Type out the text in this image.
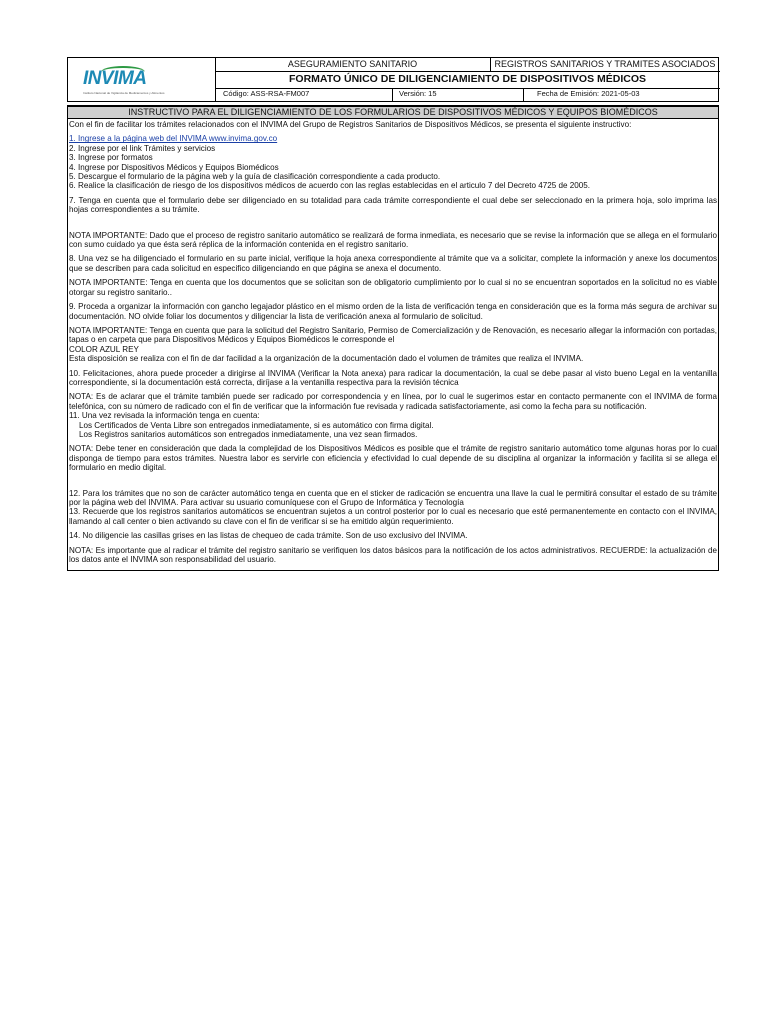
INVIMA
Instituto Nacional de Vigilancia de Medicamentos y Alimentos
ASEGURAMIENTO SANITARIO	REGISTROS SANITARIOS Y TRAMITES ASOCIADOS
FORMATO ÚNICO DE DILIGENCIAMIENTO DE DISPOSITIVOS MÉDICOS
Código: ASS-RSA-FM007	Versión: 15	Fecha de Emisión: 2021-05-03
INSTRUCTIVO PARA EL DILIGENCIAMIENTO DE LOS FORMULARIOS DE DISPOSITIVOS MÉDICOS Y EQUIPOS BIOMÉDICOS

Con el fin de facilitar los trámites relacionados con el INVIMA del Grupo de Registros Sanitarios de Dispositivos Médicos, se presenta el siguiente instructivo:

1. Ingrese a la página web del INVIMA www.invima.gov.co

2. Ingrese por el link Trámites y servicios

3. Ingrese por formatos

4. Ingrese por Dispositivos Médicos y Equipos Biomédicos

5. Descargue el formulario de la página web y la guía de clasificación correspondiente a cada producto.

6. Realice la clasificación de riesgo de los dispositivos médicos de acuerdo con las reglas establecidas en el articulo 7 del Decreto 4725 de 2005.

7. Tenga en cuenta que el formulario debe ser diligenciado en su totalidad para cada trámite correspondiente el cual debe ser seleccionado en la primera hoja, solo imprima las hojas correspondientes a su trámite.

NOTA IMPORTANTE: Dado que el proceso de registro sanitario automático se realizará de forma inmediata, es necesario que se revise la información que se allega en el formulario con sumo cuidado ya que ésta será réplica de la información contenida en el registro sanitario.

8. Una vez se ha diligenciado el formulario en su parte inicial, verifique la hoja anexa correspondiente al trámite que va a solicitar, complete la información y anexe los documentos que se describen para cada solicitud en especifico diligenciando en que página se anexa el documento.

NOTA IMPORTANTE: Tenga en cuenta que los documentos que se solicitan son de obligatorio cumplimiento por lo cual si no se encuentran soportados en la solicitud no es viable otorgar su registro sanitario..

9. Proceda a organizar la información con gancho legajador plástico en el mismo orden de la lista de verificación tenga en consideración que es la forma más segura de archivar su documentación. NO olvide foliar los documentos y diligenciar la lista de verificación anexa al formulario de solicitud.

NOTA IMPORTANTE: Tenga en cuenta que para la solicitud del Registro Sanitario, Permiso de Comercialización y de Renovación, es necesario allegar la información con portadas, tapas o en carpeta que para Dispositivos Médicos y Equipos Biomédicos le corresponde el

COLOR AZUL REY

Esta disposición se realiza con el fin de dar facilidad a la organización de la documentación dado el volumen de trámites que realiza el INVIMA.

10. Felicitaciones, ahora puede proceder a dirigirse al INVIMA (Verificar la Nota anexa) para radicar la documentación, la cual se debe pasar al visto bueno Legal en la ventanilla correspondiente, si la documentación está correcta, diríjase a la ventanilla respectiva para la revisión técnica

NOTA: Es de aclarar que el trámite también puede ser radicado por correspondencia y en línea, por lo cual le sugerimos estar en contacto permanente con el INVIMA de forma telefónica, con su número de radicado con el fin de verificar que la información fue revisada y radicada satisfactoriamente, asi como la fecha para su notificación.

11. Una vez revisada la información tenga en cuenta:

Los Certificados de Venta Libre son entregados inmediatamente, si es automático con firma digital.

Los Registros sanitarios automáticos son entregados inmediatamente, una vez sean firmados.

NOTA: Debe tener en consideración que dada la complejidad de los Dispositivos Médicos es posible que el trámite de registro sanitario automático tome algunas horas por lo cual disponga de tiempo para estos trámites. Nuestra labor es servirle con eficiencia y efectividad lo cual depende de su disciplina al organizar la información y facilita si se allega el formulario en medio digital.

12. Para los trámites que no son de carácter automático tenga en cuenta que en el sticker de radicación se encuentra una llave la cual le permitirá consultar el estado de su trámite por la página web del INVIMA. Para activar su usuario comuníquese con el Grupo de Informática y Tecnología

13. Recuerde que los registros sanitarios automáticos se encuentran sujetos a un control posterior por lo cual es necesario que esté permanentemente en contacto con el INVIMA, llamando al call center o bien activando su clave con el fin de verificar si se ha emitido algún requerimiento.

14. No diligencie las casillas grises en las listas de chequeo de cada trámite. Son de uso exclusivo del INVIMA.

NOTA: Es importante que al radicar el trámite del registro sanitario se verifiquen los datos básicos para la notificación de los actos administrativos. RECUERDE: la actualización de los datos ante el INVIMA son responsabilidad del usuario.
